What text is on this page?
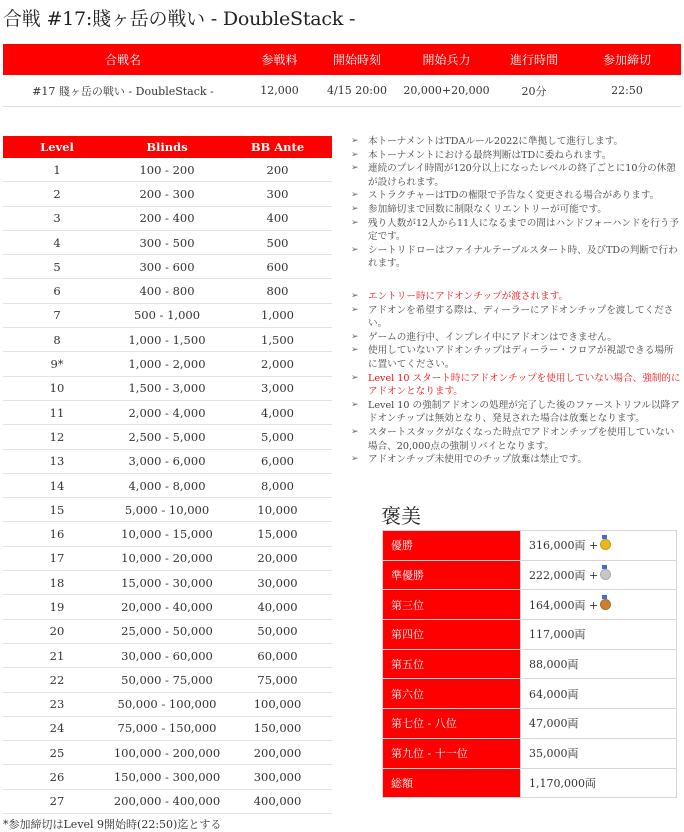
合戦 #17:賤ヶ岳の戦い - DoubleStack -
合戦名	参戦料	開始時刻	開始兵力	進行時間	参加締切
#17 賤ヶ岳の戦い - DoubleStack -	12,000	4/15 20:00	20,000+20,000	20分	22:50
Level	Blinds	BB Ante
1	100 - 200	200
2	200 - 300	300
3	200 - 400	400
4	300 - 500	500
5	300 - 600	600
6	400 - 800	800
7	500 - 1,000	1,000
8	1,000 - 1,500	1,500
9*	1,000 - 2,000	2,000
10	1,500 - 3,000	3,000
11	2,000 - 4,000	4,000
12	2,500 - 5,000	5,000
13	3,000 - 6,000	6,000
14	4,000 - 8,000	8,000
15	5,000 - 10,000	10,000
16	10,000 - 15,000	15,000
17	10,000 - 20,000	20,000
18	15,000 - 30,000	30,000
19	20,000 - 40,000	40,000
20	25,000 - 50,000	50,000
21	30,000 - 60,000	60,000
22	50,000 - 75,000	75,000
23	50,000 - 100,000	100,000
24	75,000 - 150,000	150,000
25	100,000 - 200,000	200,000
26	150,000 - 300,000	300,000
27	200,000 - 400,000	400,000
*参加締切はLevel 9開始時(22:50)迄とする
➢ 本トーナメントはTDAルール2022に準拠して進行します。
➢ 本トーナメントにおける最終判断はTDに委ねられます。
➢ 連続のプレイ時間が120分以上になったレベルの終了ごとに10分の休憩が設けられます。
➢ ストラクチャーはTDの権限で予告なく変更される場合があります。
➢ 参加締切まで回数に制限なくリエントリーが可能です。
➢ 残り人数が12人から11人になるまでの間はハンドフォーハンドを行う予定です。
➢ シートリドローはファイナルテーブルスタート時、及びTDの判断で行われます。
➢ エントリー時にアドオンチップが渡されます。
➢ アドオンを希望する際は、ディーラーにアドオンチップを渡してください。
➢ ゲームの進行中、インプレイ中にアドオンはできません。
➢ 使用していないアドオンチップはディーラー・フロアが視認できる場所に置いてください。
➢ Level 10 スタート時にアドオンチップを使用していない場合、強制的にアドオンとなります。
➢ Level 10 の強制アドオンの処理が完了した後のファーストリフル以降アドオンチップは無効となり、発見された場合は放棄となります。
➢ スタートスタックがなくなった時点でアドオンチップを使用していない場合、20,000点の強制リバイとなります。
➢ アドオンチップ未使用でのチップ放棄は禁止です。
褒美
優勝	316,000両 +
準優勝	222,000両 +
第三位	164,000両 +
第四位	117,000両
第五位	88,000両
第六位	64,000両
第七位 - 八位	47,000両
第九位 - 十一位	35,000両
総額	1,170,000両
